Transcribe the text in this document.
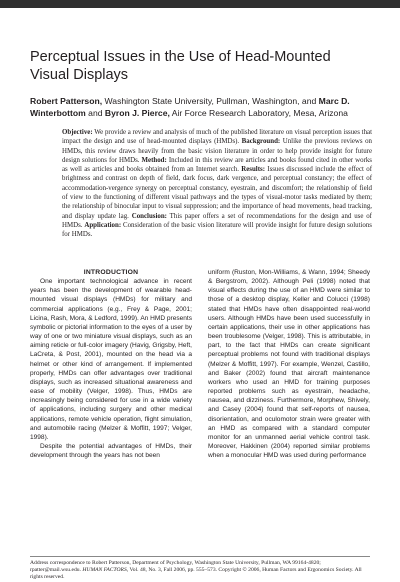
Perceptual Issues in the Use of Head-Mounted Visual Displays

Robert Patterson, Washington State University, Pullman, Washington, and Marc D. Winterbottom and Byron J. Pierce, Air Force Research Laboratory, Mesa, Arizona

Objective: We provide a review and analysis of much of the published literature on visual perception issues that impact the design and use of head-mounted displays (HMDs). Background: Unlike the previous reviews on HMDs, this review draws heavily from the basic vision literature in order to help provide insight for future design solutions for HMDs. Method: Included in this review are articles and books found cited in other works as well as articles and books obtained from an Internet search. Results: Issues discussed include the effect of brightness and contrast on depth of field, dark focus, dark vergence, and perceptual constancy; the effect of accommodation-vergence synergy on perceptual constancy, eyestrain, and discomfort; the relationship of field of view to the functioning of different visual pathways and the types of visual-motor tasks mediated by them; the relationship of binocular input to visual suppression; and the importance of head movements, head tracking, and display update lag. Conclusion: This paper offers a set of recommendations for the design and use of HMDs. Application: Consideration of the basic vision literature will provide insight for future design solutions for HMDs.

INTRODUCTION

One important technological advance in recent years has been the development of wearable head-mounted visual displays (HMDs) for military and commercial applications (e.g., Frey & Page, 2001; Licina, Rash, Mora, & Ledford, 1999). An HMD presents symbolic or pictorial information to the eyes of a user by way of one or two miniature visual displays, such as an aiming reticle or full-color imagery (Havig, Grigsby, Heft, LaCreta, & Post, 2001), mounted on the head via a helmet or other kind of arrangement. If implemented properly, HMDs can offer advantages over traditional displays, such as increased situational awareness and ease of mobility (Velger, 1998). Thus, HMDs are increasingly being considered for use in a wide variety of applications, including surgery and other medical applications, remote vehicle operation, flight simulation, and automobile racing (Melzer & Moffitt, 1997; Velger, 1998).

Despite the potential advantages of HMDs, their development through the years has not been

uniform (Ruston, Mon-Williams, & Wann, 1994; Sheedy & Bergstrom, 2002). Although Peli (1998) noted that visual effects during the use of an HMD were similar to those of a desktop display, Keller and Colucci (1998) stated that HMDs have often disappointed real-world users. Although HMDs have been used successfully in certain applications, their use in other applications has been troublesome (Velger, 1998). This is attributable, in part, to the fact that HMDs can create significant perceptual problems not found with traditional displays (Melzer & Moffitt, 1997). For example, Wenzel, Castillo, and Baker (2002) found that aircraft maintenance workers who used an HMD for training purposes reported problems such as eyestrain, headache, nausea, and dizziness. Furthermore, Morphew, Shively, and Casey (2004) found that self-reports of nausea, disorientation, and oculomotor strain were greater with an HMD as compared with a standard computer monitor for an unmanned aerial vehicle control task. Moreover, Hakkinen (2004) reported similar problems when a monocular HMD was used during performance

Address correspondence to Robert Patterson, Department of Psychology, Washington State University, Pullman, WA 99164-4820; rpatter@mail.wsu.edu. HUMAN FACTORS, Vol. 48, No. 3, Fall 2006, pp. 555–573. Copyright © 2006, Human Factors and Ergonomics Society. All rights reserved.
